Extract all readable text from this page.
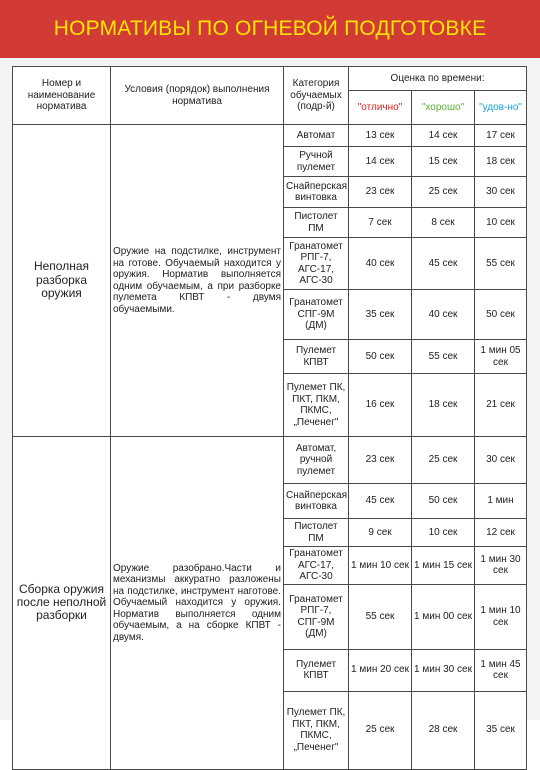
НОРМАТИВЫ ПО ОГНЕВОЙ ПОДГОТОВКЕ
Номер и наименование норматива	Условия (порядок) выполнения норматива	Категория обучаемых (подр-й)	Оценка по времени:		
			"отлично"	"хорошо"	"удов-но"
Неполная разборка оружия	Оружие на подстилке, инструмент на готове. Обучаемый находится у оружия. Норматив выполняется одним обучаемым, а при разборке пулемета КПВТ - двумя обучаемыми.	Автомат	13 сек	14 сек	17 сек
		Ручной пулемет	14 сек	15 сек	18 сек
		Снайперская винтовка	23 сек	25 сек	30 сек
		Пистолет ПМ	7 сек	8 сек	10 сек
		Гранатомет РПГ-7, АГС-17, АГС-30	40 сек	45 сек	55 сек
		Гранатомет СПГ-9М (ДМ)	35 сек	40 сек	50 сек
		Пулемет КПВТ	50 сек	55 сек	1 мин 05 сек
		Пулемет ПК, ПКТ, ПКМ, ПКМС, „Печенег"	16 сек	18 сек	21 сек
Сборка оружия после неполной разборки	Оружие разобрано.Части и механизмы аккуратно разложены на подстилке, инструмент наготове. Обучаемый находится у оружия. Норматив выполняется одним обучаемым, а на сборке КПВТ - двумя.	Автомат, ручной пулемет	23 сек	25 сек	30 сек
		Снайперская винтовка	45 сек	50 сек	1 мин
		Пистолет ПМ	9 сек	10 сек	12 сек
		Гранатомет АГС-17, АГС-30	1 мин 10 сек	1 мин 15 сек	1 мин 30 сек
		Гранатомет РПГ-7, СПГ-9М (ДМ)	55 сек	1 мин 00 сек	1 мин 10 сек
		Пулемет КПВТ	1 мин 20 сек	1 мин 30 сек	1 мин 45 сек
		Пулемет ПК, ПКТ, ПКМ, ПКМС, „Печенег"	25 сек	28 сек	35 сек
